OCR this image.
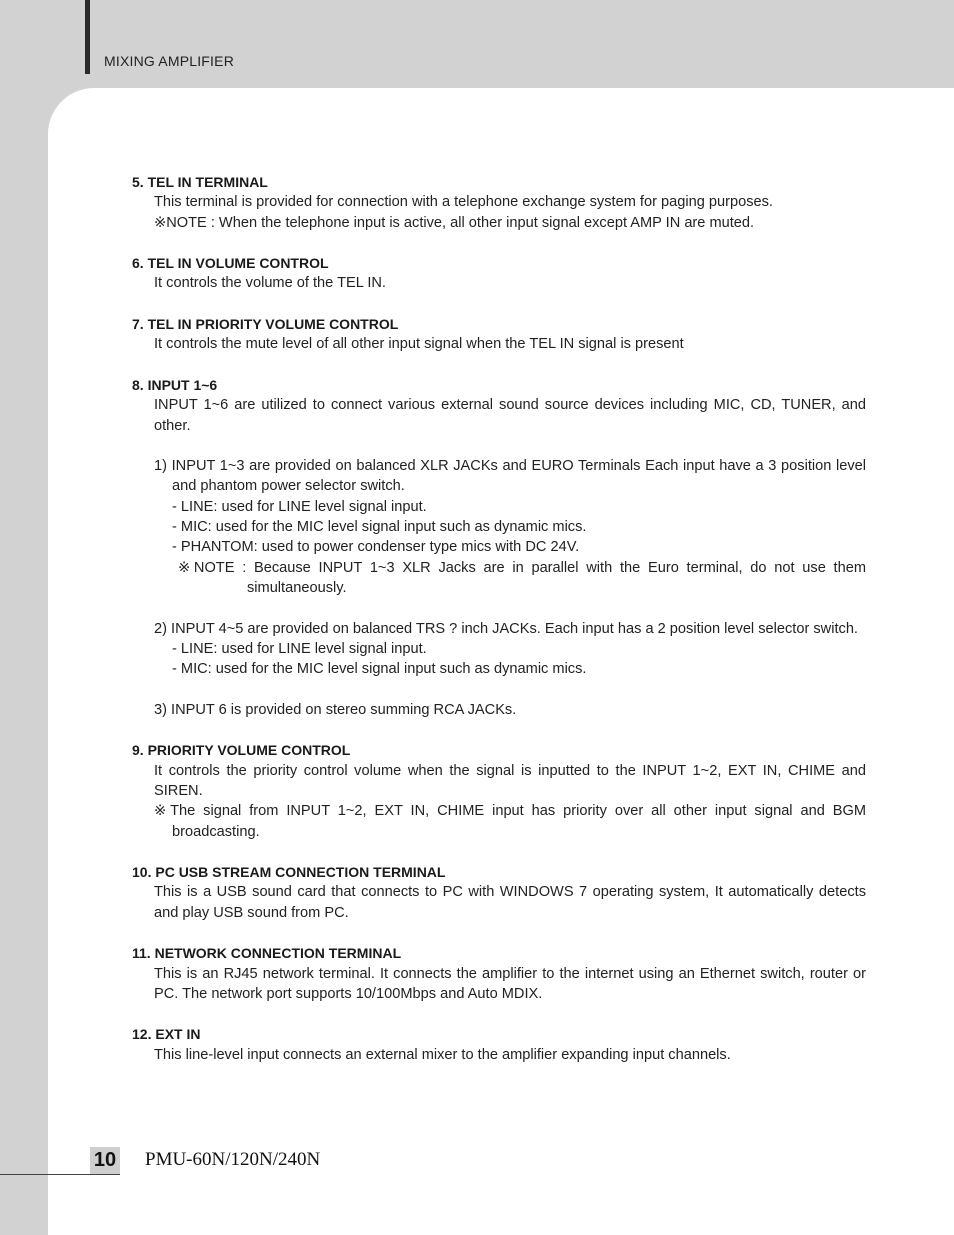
MIXING AMPLIFIER
5. TEL IN TERMINAL
This terminal is provided for connection with a telephone exchange system for paging purposes.
※NOTE : When the telephone input is active, all other input signal except AMP IN are muted.
6. TEL IN VOLUME CONTROL
It controls the volume of the TEL IN.
7. TEL IN PRIORITY VOLUME CONTROL
It controls the mute level of all other input signal when the TEL IN signal is present
8. INPUT 1~6
INPUT 1~6 are utilized to connect various external sound source devices including MIC, CD, TUNER, and other.
1) INPUT 1~3 are provided on balanced XLR JACKs and EURO Terminals Each input have a 3 position level and phantom power selector switch.
- LINE: used for LINE level signal input.
- MIC: used for the MIC level signal input such as dynamic mics.
- PHANTOM: used to power condenser type mics with DC 24V.
※NOTE : Because INPUT 1~3 XLR Jacks are in parallel with the Euro terminal, do not use them simultaneously.
2) INPUT 4~5 are provided on balanced TRS ? inch JACKs. Each input has a 2 position level selector switch.
- LINE: used for LINE level signal input.
- MIC: used for the MIC level signal input such as dynamic mics.
3) INPUT 6 is provided on stereo summing RCA JACKs.
9. PRIORITY VOLUME CONTROL
It controls the priority control volume when the signal is inputted to the INPUT 1~2, EXT IN, CHIME and SIREN.
※The signal from INPUT 1~2, EXT IN, CHIME input has priority over all other input signal and BGM broadcasting.
10. PC USB STREAM CONNECTION TERMINAL
This is a USB sound card that connects to PC with WINDOWS 7 operating system, It automatically detects and play USB sound from PC.
11. NETWORK CONNECTION TERMINAL
This is an RJ45 network terminal. It connects the amplifier to the internet using an Ethernet switch, router or PC. The network port supports 10/100Mbps and Auto MDIX.
12. EXT IN
This line-level input connects an external mixer to the amplifier expanding input channels.
10 PMU-60N/120N/240N
